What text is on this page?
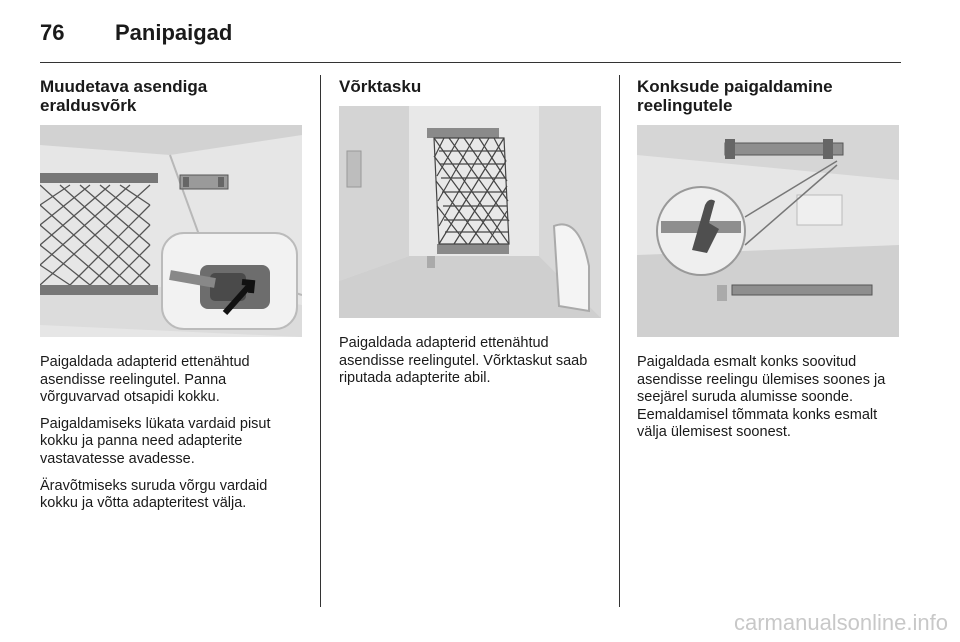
76 Panipaigad
Muudetava asendiga eraldusvõrk

Paigaldada adapterid ettenähtud asendisse reelingutel. Panna võrguvarvad otsapidi kokku.

Paigaldamiseks lükata vardaid pisut kokku ja panna need adapterite vastavatesse avadesse.

Äravõtmiseks suruda võrgu vardaid kokku ja võtta adapteritest välja.

Võrktasku

Paigaldada adapterid ettenähtud asendisse reelingutel. Võrktaskut saab riputada adapterite abil.

Konksude paigaldamine reelingutele

Paigaldada esmalt konks soovitud asendisse reelingu ülemises soones ja seejärel suruda alumisse soonde. Eemaldamisel tõmmata konks esmalt välja ülemisest soonest.

carmanualsonline.info
